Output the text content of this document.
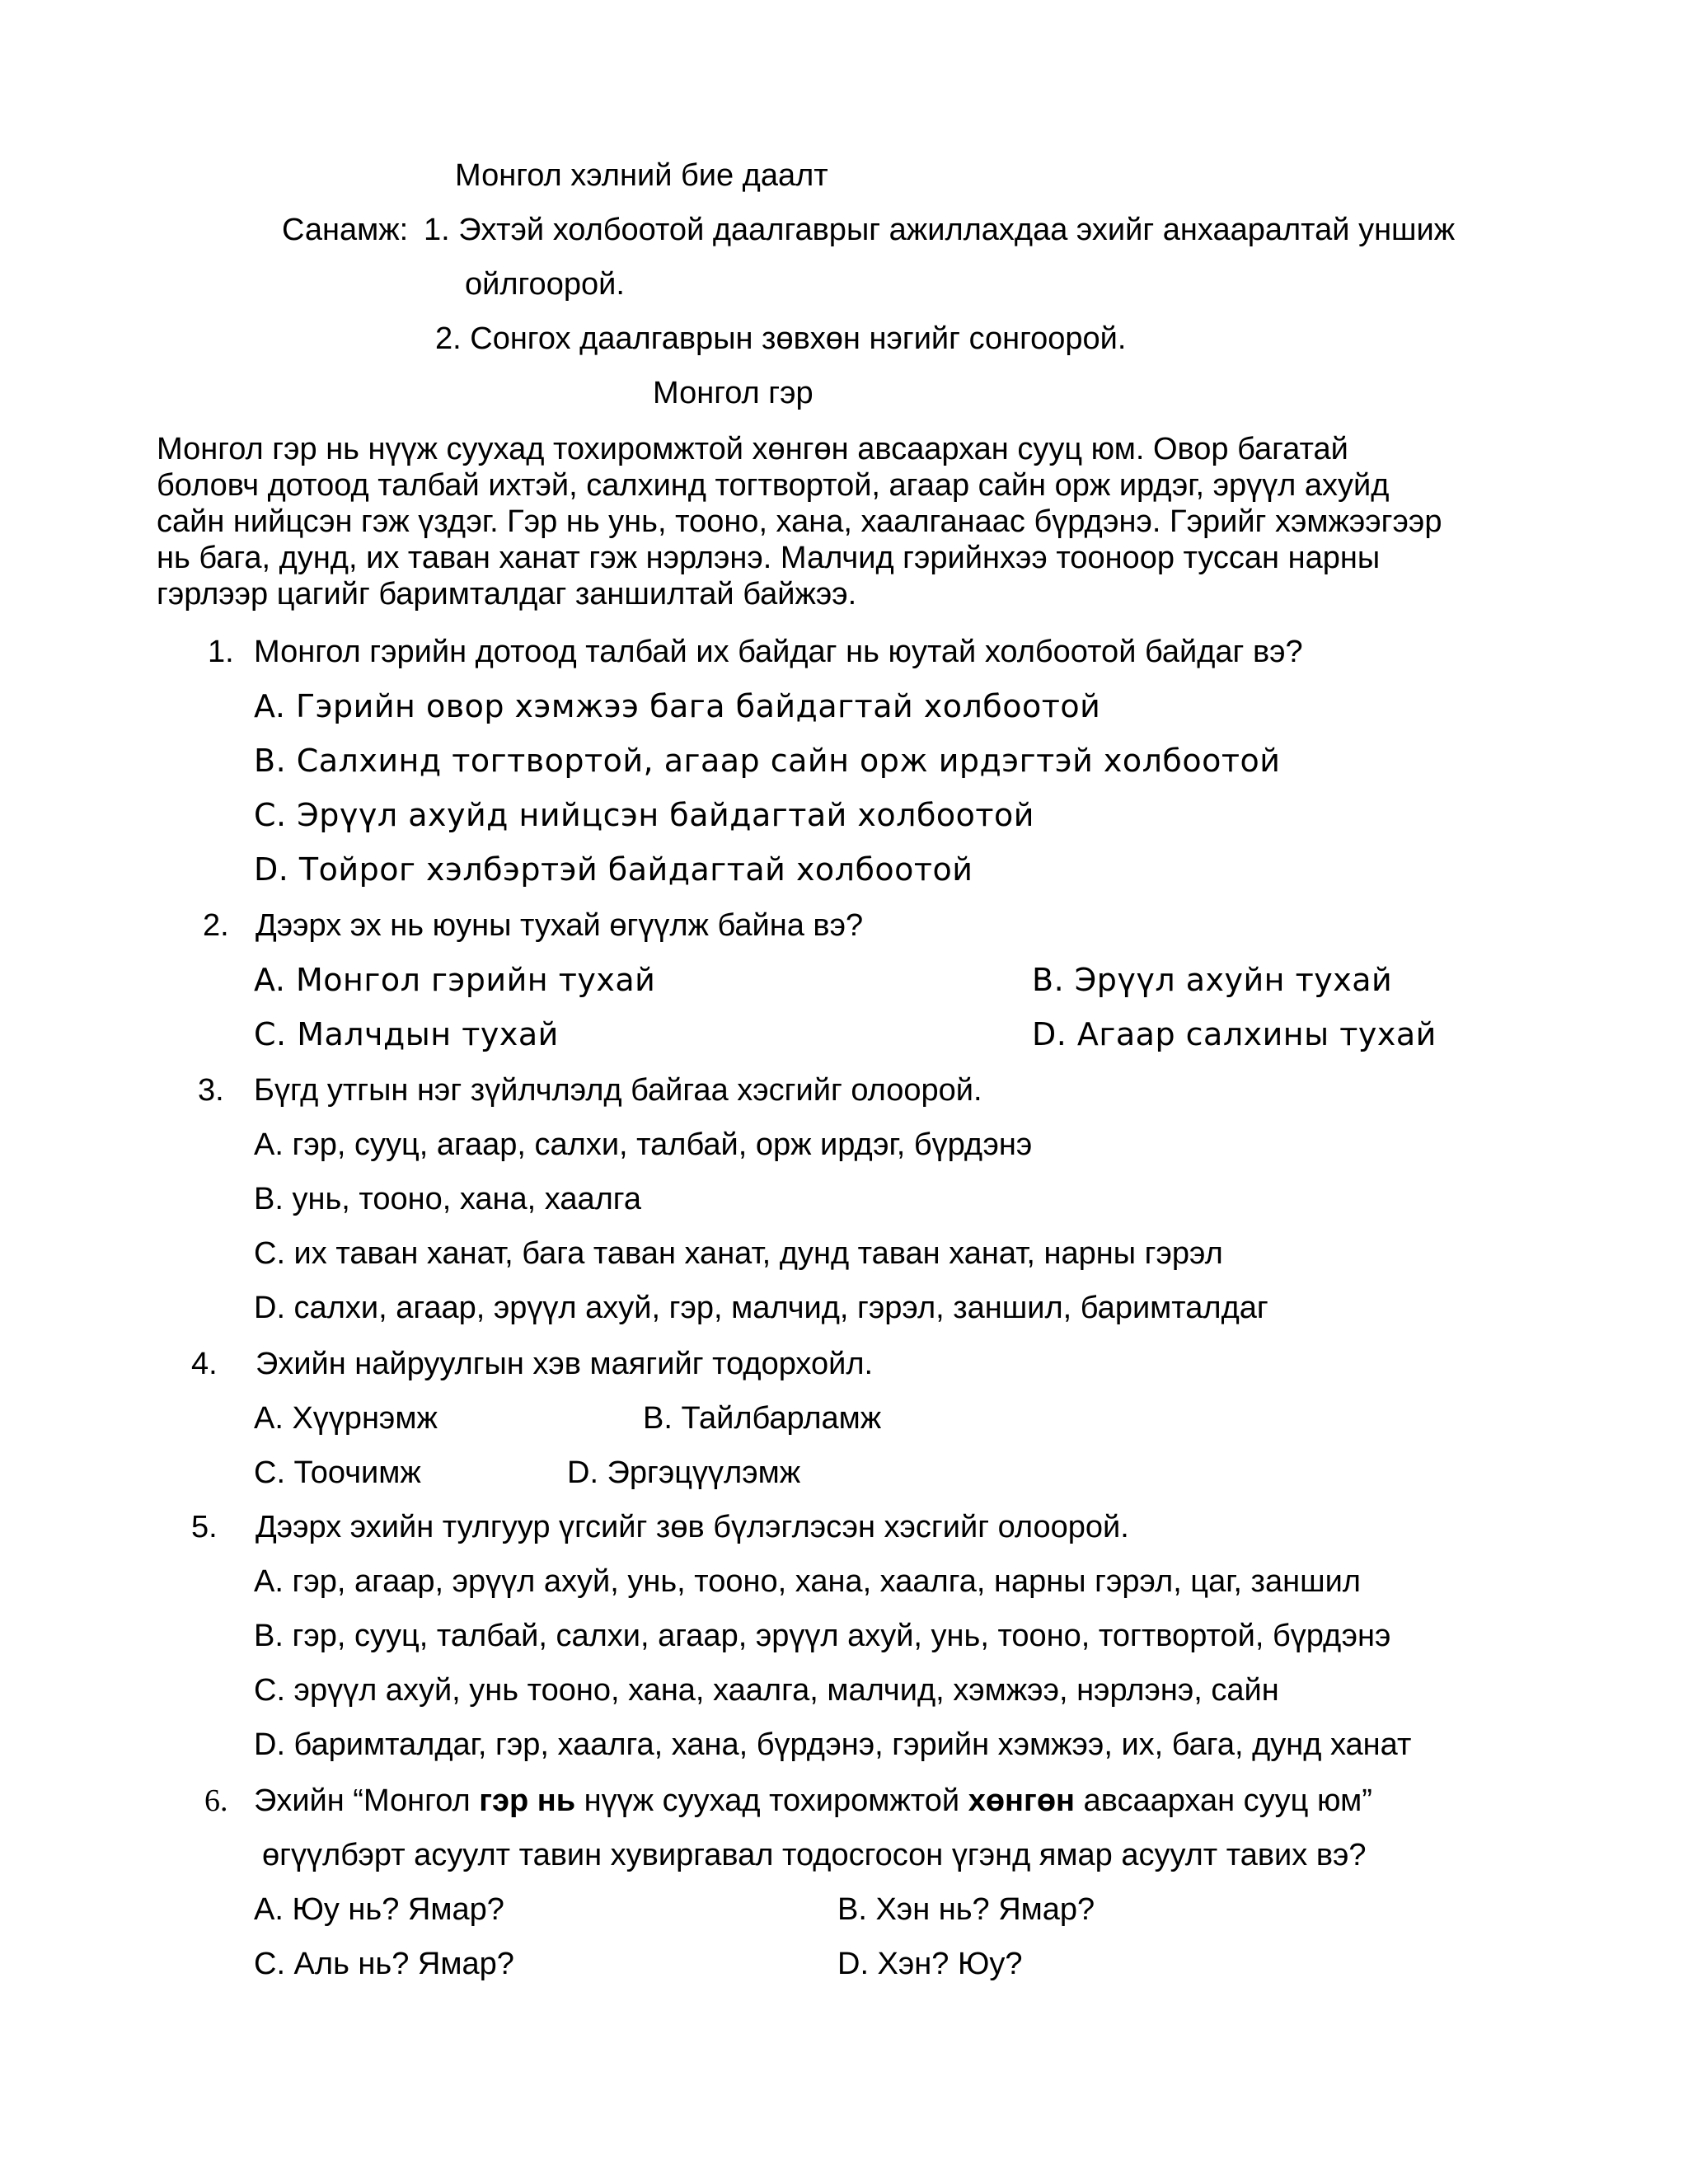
Монгол хэлний бие даалт
Санамж: 1. Эхтэй холбоотой даалгаврыг ажиллахдаа эхийг анхааралтай уншиж
ойлгоорой.
2. Сонгох даалгаврын зөвхөн нэгийг сонгоорой.
Монгол гэр
Монгол гэр нь нүүж суухад тохиромжтой хөнгөн авсаархан сууц юм. Овор багатай
боловч дотоод талбай ихтэй, салхинд тогтвортой, агаар сайн орж ирдэг, эрүүл ахуйд
сайн нийцсэн гэж үздэг. Гэр нь унь, тооно, хана, хаалганаас бүрдэнэ. Гэрийг хэмжээгээр
нь бага, дунд, их таван ханат гэж нэрлэнэ. Малчид гэрийнхээ тооноор туссан нарны
гэрлээр цагийг баримталдаг заншилтай байжээ.
1. Монгол гэрийн дотоод талбай их байдаг нь юутай холбоотой байдаг вэ?
A. Гэрийн овор хэмжээ бага байдагтай холбоотой
B. Салхинд тогтвортой, агаар сайн орж ирдэгтэй холбоотой
C. Эрүүл ахуйд нийцсэн байдагтай холбоотой
D. Тойрог хэлбэртэй байдагтай холбоотой
2. Дээрх эх нь юуны тухай өгүүлж байна вэ?
A. Монгол гэрийн тухай	B. Эрүүл ахуйн тухай
C. Малчдын тухай	D. Агаар салхины тухай
3. Бүгд утгын нэг зүйлчлэлд байгаа хэсгийг олоорой.
A. гэр, сууц, агаар, салхи, талбай, орж ирдэг, бүрдэнэ
B. унь, тооно, хана, хаалга
C. их таван ханат, бага таван ханат, дунд таван ханат, нарны гэрэл
D. салхи, агаар, эрүүл ахуй, гэр, малчид, гэрэл, заншил, баримталдаг
4. Эхийн найруулгын хэв маягийг тодорхойл.
A. Хүүрнэмж	B. Тайлбарламж
C. Тоочимж	D. Эргэцүүлэмж
5. Дээрх эхийн тулгуур үгсийг зөв бүлэглэсэн хэсгийг олоорой.
A. гэр, агаар, эрүүл ахуй, унь, тооно, хана, хаалга, нарны гэрэл, цаг, заншил
B. гэр, сууц, талбай, салхи, агаар, эрүүл ахуй, унь, тооно, тогтвортой, бүрдэнэ
C. эрүүл ахуй, унь тооно, хана, хаалга, малчид, хэмжээ, нэрлэнэ, сайн
D. баримталдаг, гэр, хаалга, хана, бүрдэнэ, гэрийн хэмжээ, их, бага, дунд ханат
6. Эхийн “Монгол гэр нь нүүж суухад тохиромжтой хөнгөн авсаархан сууц юм”
өгүүлбэрт асуулт тавин хувиргавал тодосгосон үгэнд ямар асуулт тавих вэ?
A. Юу нь? Ямар?	B. Хэн нь? Ямар?
C. Аль нь? Ямар?	D. Хэн? Юу?
